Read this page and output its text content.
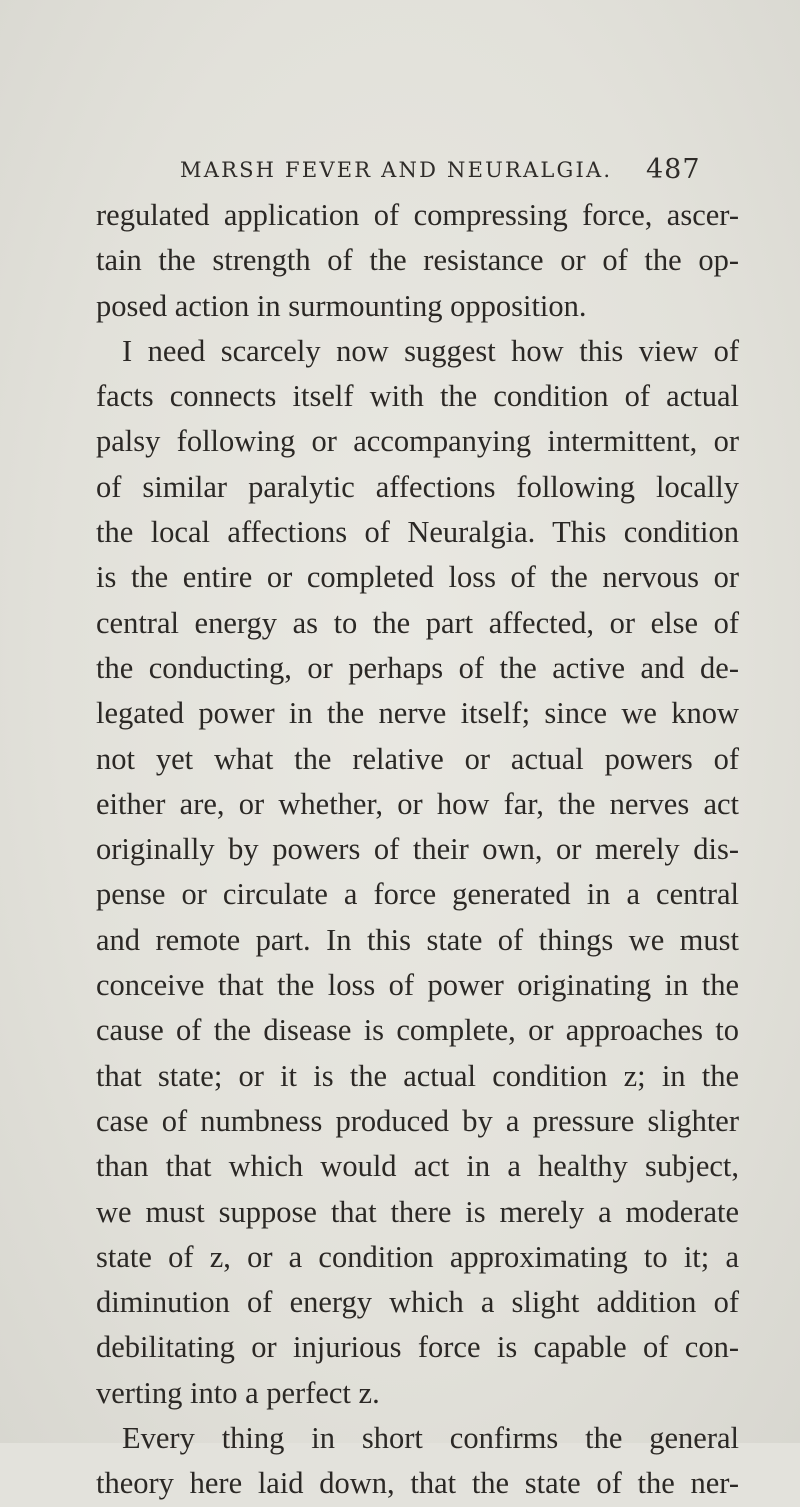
MARSH FEVER AND NEURALGIA. 487
regulated application of compressing force, ascer-
tain the strength of the resistance or of the op-
posed action in surmounting opposition.
I need scarcely now suggest how this view of
facts connects itself with the condition of actual
palsy following or accompanying intermittent, or
of similar paralytic affections following locally
the local affections of Neuralgia. This condition
is the entire or completed loss of the nervous or
central energy as to the part affected, or else of
the conducting, or perhaps of the active and de-
legated power in the nerve itself; since we know
not yet what the relative or actual powers of
either are, or whether, or how far, the nerves act
originally by powers of their own, or merely dis-
pense or circulate a force generated in a central
and remote part. In this state of things we must
conceive that the loss of power originating in the
cause of the disease is complete, or approaches to
that state; or it is the actual condition z; in the
case of numbness produced by a pressure slighter
than that which would act in a healthy subject,
we must suppose that there is merely a moderate
state of z, or a condition approximating to it; a
diminution of energy which a slight addition of
debilitating or injurious force is capable of con-
verting into a perfect z.
Every thing in short confirms the general
theory here laid down, that the state of the ner-
